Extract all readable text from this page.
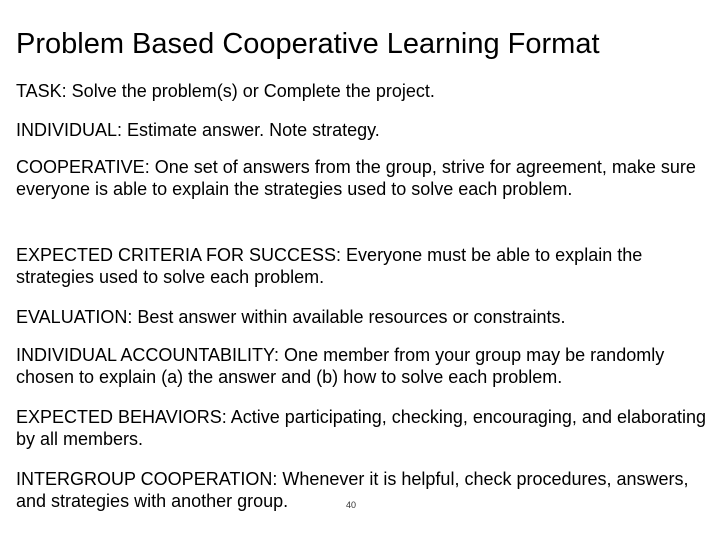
Problem Based Cooperative Learning Format

TASK: Solve the problem(s) or Complete the project.

INDIVIDUAL: Estimate answer. Note strategy.

COOPERATIVE: One set of answers from the group, strive for agreement, make sure everyone is able to explain the strategies used to solve each problem.

EXPECTED CRITERIA FOR SUCCESS: Everyone must be able to explain the strategies used to solve each problem.

EVALUATION: Best answer within available resources or constraints.

INDIVIDUAL ACCOUNTABILITY: One member from your group may be randomly chosen to explain (a) the answer and (b) how to solve each problem.

EXPECTED BEHAVIORS: Active participating, checking, encouraging, and elaborating by all members.

INTERGROUP COOPERATION: Whenever it is helpful, check procedures, answers, and strategies with another group.	40
